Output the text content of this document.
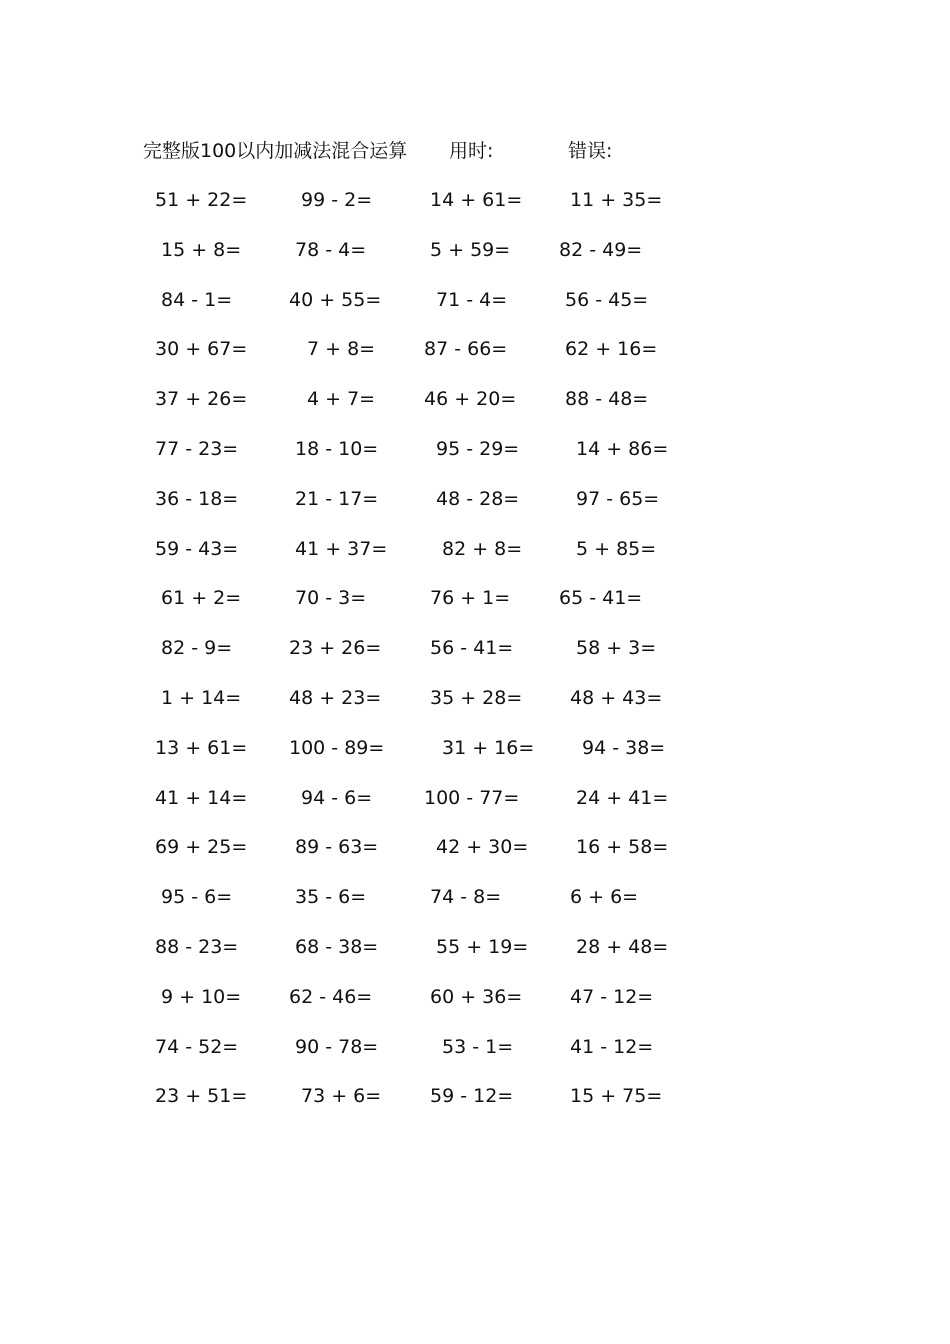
完整版100以内加减法混合运算 用时:	错误:
51 + 22=	99 - 2=	14 + 61=	11 + 35=
15 + 8=	78 - 4=	5 + 59=	82 - 49=
84 - 1=	40 + 55=	71 - 4=	56 - 45=
30 + 67=	7 + 8=	87 - 66=	62 + 16=
37 + 26=	4 + 7=	46 + 20=	88 - 48=
77 - 23=	18 - 10=	95 - 29=	14 + 86=
36 - 18=	21 - 17=	48 - 28=	97 - 65=
59 - 43=	41 + 37=	82 + 8=	5 + 85=
61 + 2=	70 - 3=	76 + 1=	65 - 41=
82 - 9=	23 + 26=	56 - 41=	58 + 3=
1 + 14=	48 + 23=	35 + 28=	48 + 43=
13 + 61= 100 - 89=	31 + 16=	94 - 38=
41 + 14=	94 - 6=	100 - 77=	24 + 41=
69 + 25=	89 - 63=	42 + 30=	16 + 58=
95 - 6=	35 - 6=	74 - 8=	6 + 6=
88 - 23=	68 - 38=	55 + 19=	28 + 48=
9 + 10=	62 - 46=	60 + 36=	47 - 12=
74 - 52=	90 - 78=	53 - 1=	41 - 12=
23 + 51=	73 + 6=	59 - 12=	15 + 75=
